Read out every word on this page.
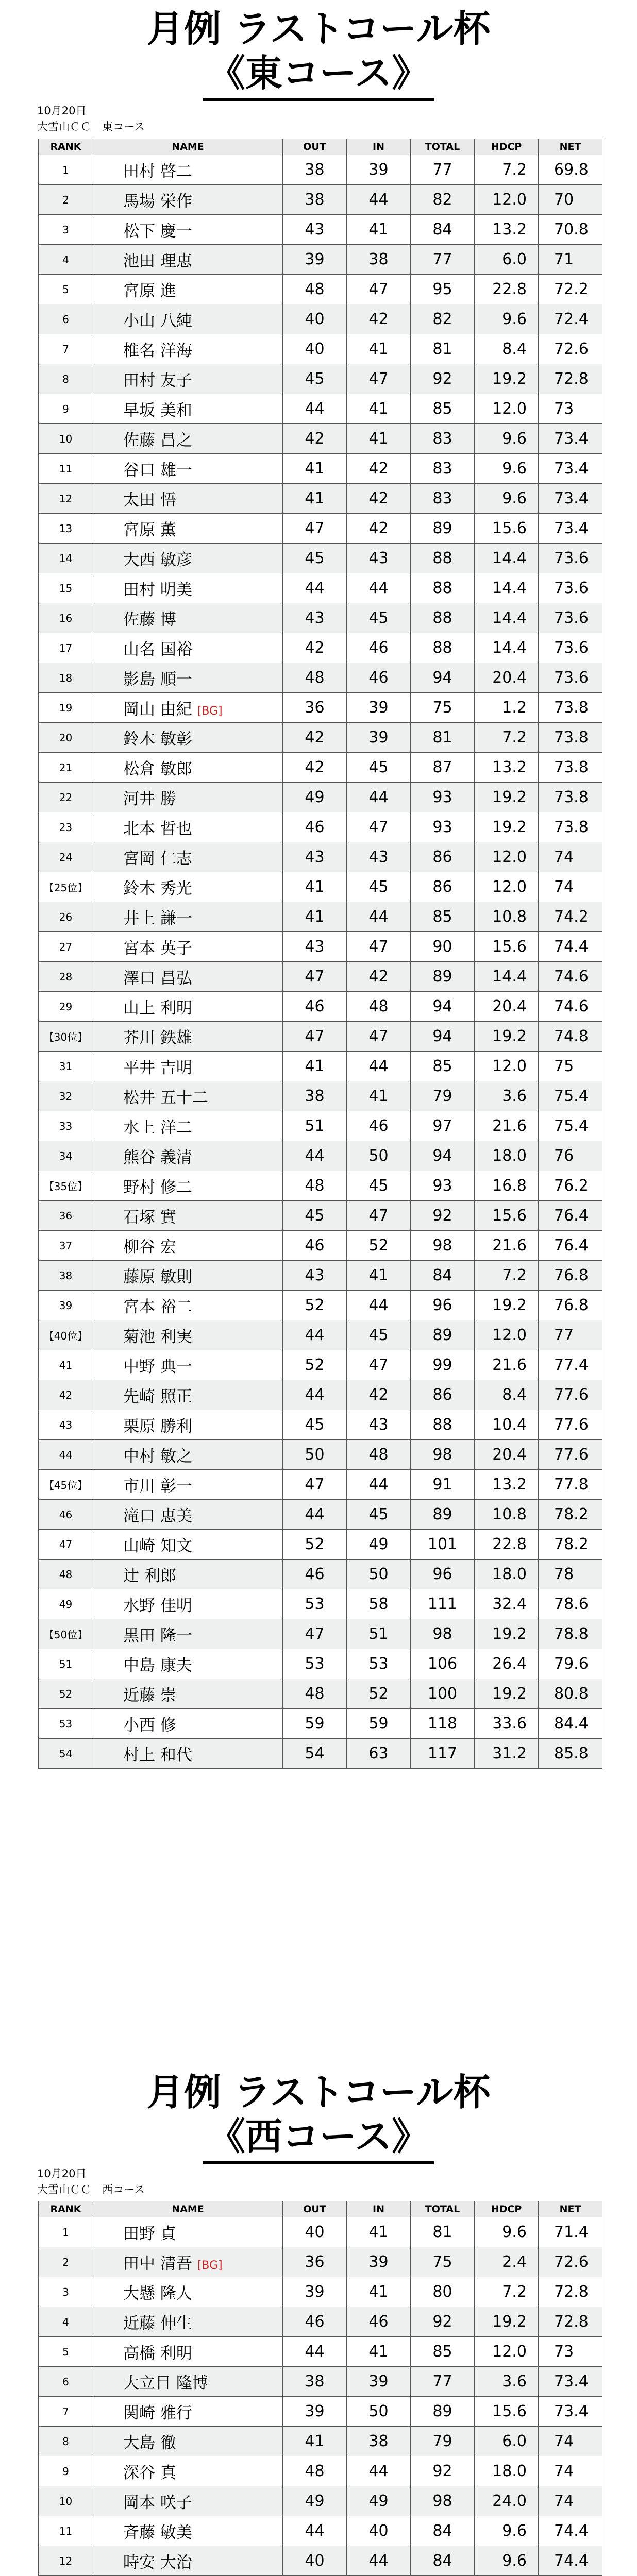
月例 ラストコール杯
《東コース》
10月20日
大雪山ＣＣ　東コース
RANK	NAME	OUT	IN	TOTAL	HDCP	NET
1	田村 啓二	38	39	77	7.2	69.8
2	馬場 栄作	38	44	82	12.0	70
3	松下 慶一	43	41	84	13.2	70.8
4	池田 理恵	39	38	77	6.0	71
5	宮原 進	48	47	95	22.8	72.2
6	小山 八純	40	42	82	9.6	72.4
7	椎名 洋海	40	41	81	8.4	72.6
8	田村 友子	45	47	92	19.2	72.8
9	早坂 美和	44	41	85	12.0	73
10	佐藤 昌之	42	41	83	9.6	73.4
11	谷口 雄一	41	42	83	9.6	73.4
12	太田 悟	41	42	83	9.6	73.4
13	宮原 薫	47	42	89	15.6	73.4
14	大西 敏彦	45	43	88	14.4	73.6
15	田村 明美	44	44	88	14.4	73.6
16	佐藤 博	43	45	88	14.4	73.6
17	山名 国裕	42	46	88	14.4	73.6
18	影島 順一	48	46	94	20.4	73.6
19	岡山 由紀 [BG]	36	39	75	1.2	73.8
20	鈴木 敏彰	42	39	81	7.2	73.8
21	松倉 敏郎	42	45	87	13.2	73.8
22	河井 勝	49	44	93	19.2	73.8
23	北本 哲也	46	47	93	19.2	73.8
24	宮岡 仁志	43	43	86	12.0	74
【25位】	鈴木 秀光	41	45	86	12.0	74
26	井上 謙一	41	44	85	10.8	74.2
27	宮本 英子	43	47	90	15.6	74.4
28	澤口 昌弘	47	42	89	14.4	74.6
29	山上 利明	46	48	94	20.4	74.6
【30位】	芥川 鉄雄	47	47	94	19.2	74.8
31	平井 吉明	41	44	85	12.0	75
32	松井 五十二	38	41	79	3.6	75.4
33	水上 洋二	51	46	97	21.6	75.4
34	熊谷 義清	44	50	94	18.0	76
【35位】	野村 修二	48	45	93	16.8	76.2
36	石塚 實	45	47	92	15.6	76.4
37	柳谷 宏	46	52	98	21.6	76.4
38	藤原 敏則	43	41	84	7.2	76.8
39	宮本 裕二	52	44	96	19.2	76.8
【40位】	菊池 利実	44	45	89	12.0	77
41	中野 典一	52	47	99	21.6	77.4
42	先崎 照正	44	42	86	8.4	77.6
43	栗原 勝利	45	43	88	10.4	77.6
44	中村 敏之	50	48	98	20.4	77.6
【45位】	市川 彰一	47	44	91	13.2	77.8
46	滝口 恵美	44	45	89	10.8	78.2
47	山崎 知文	52	49	101	22.8	78.2
48	辻 利郎	46	50	96	18.0	78
49	水野 佳明	53	58	111	32.4	78.6
【50位】	黒田 隆一	47	51	98	19.2	78.8
51	中島 康夫	53	53	106	26.4	79.6
52	近藤 崇	48	52	100	19.2	80.8
53	小西 修	59	59	118	33.6	84.4
54	村上 和代	54	63	117	31.2	85.8
月例 ラストコール杯
《西コース》
10月20日
大雪山ＣＣ　西コース
RANK	NAME	OUT	IN	TOTAL	HDCP	NET
1	田野 貞	40	41	81	9.6	71.4
2	田中 清吾 [BG]	36	39	75	2.4	72.6
3	大懸 隆人	39	41	80	7.2	72.8
4	近藤 伸生	46	46	92	19.2	72.8
5	高橋 利明	44	41	85	12.0	73
6	大立目 隆博	38	39	77	3.6	73.4
7	関崎 雅行	39	50	89	15.6	73.4
8	大島 徹	41	38	79	6.0	74
9	深谷 真	48	44	92	18.0	74
10	岡本 咲子	49	49	98	24.0	74
11	斉藤 敏美	44	40	84	9.6	74.4
12	時安 大治	40	44	84	9.6	74.4
